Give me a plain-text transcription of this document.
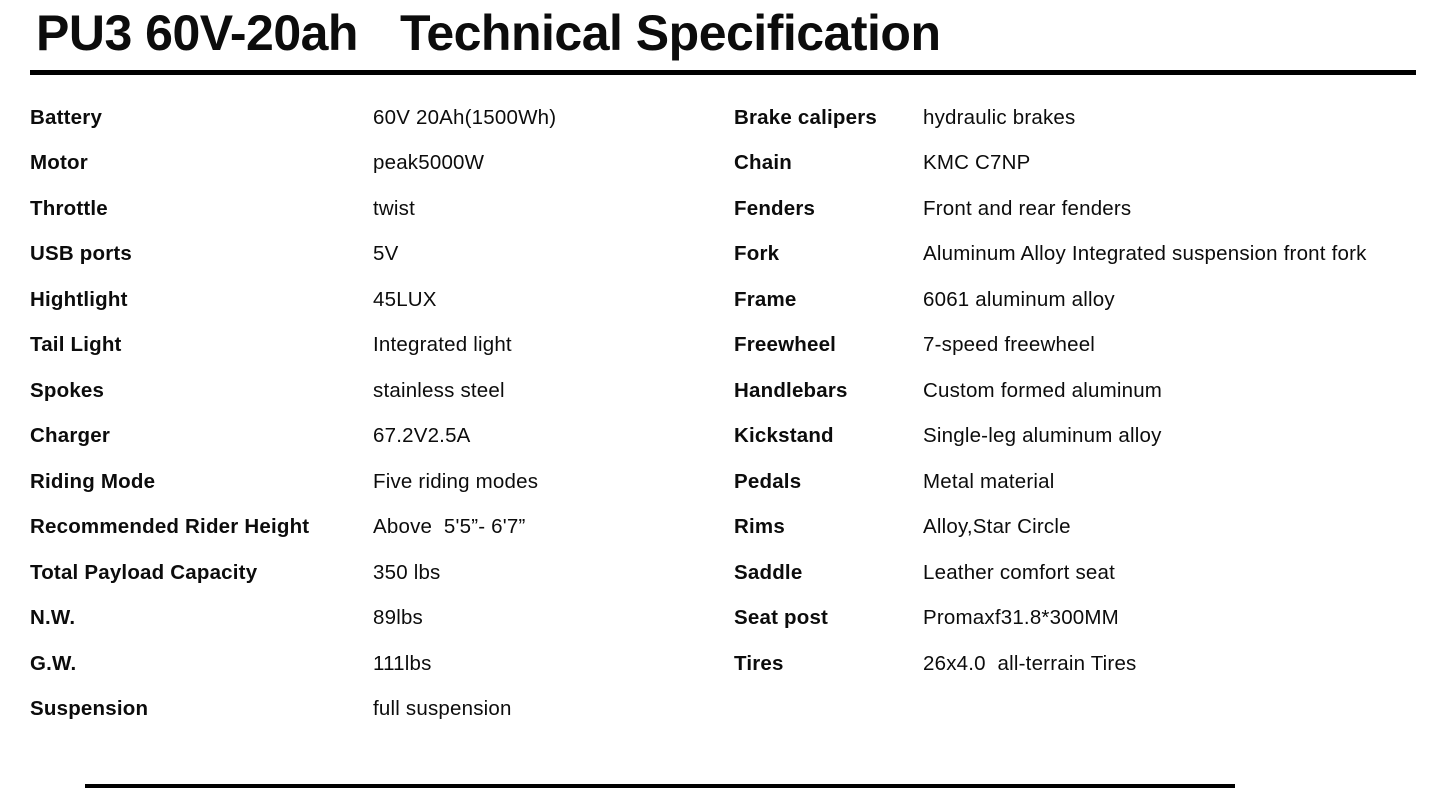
PU3 60V-20ah Technical Specification
Battery	60V 20Ah(1500Wh)
Motor	peak5000W
Throttle	twist
USB ports	5V
Hightlight	45LUX
Tail Light	Integrated light
Spokes	stainless steel
Charger	67.2V2.5A
Riding Mode	Five riding modes
Recommended Rider Height	Above  5'5”- 6'7”
Total Payload Capacity	350 lbs
N.W.	89lbs
G.W.	111lbs
Suspension	full suspension
Brake calipers	hydraulic brakes
Chain	KMC C7NP
Fenders	Front and rear fenders
Fork	Aluminum Alloy Integrated suspension front fork
Frame	6061 aluminum alloy
Freewheel	7-speed freewheel
Handlebars	Custom formed aluminum
Kickstand	Single-leg aluminum alloy
Pedals	Metal material
Rims	Alloy,Star Circle
Saddle	Leather comfort seat
Seat post	Promaxf31.8*300MM
Tires	26x4.0  all-terrain Tires
